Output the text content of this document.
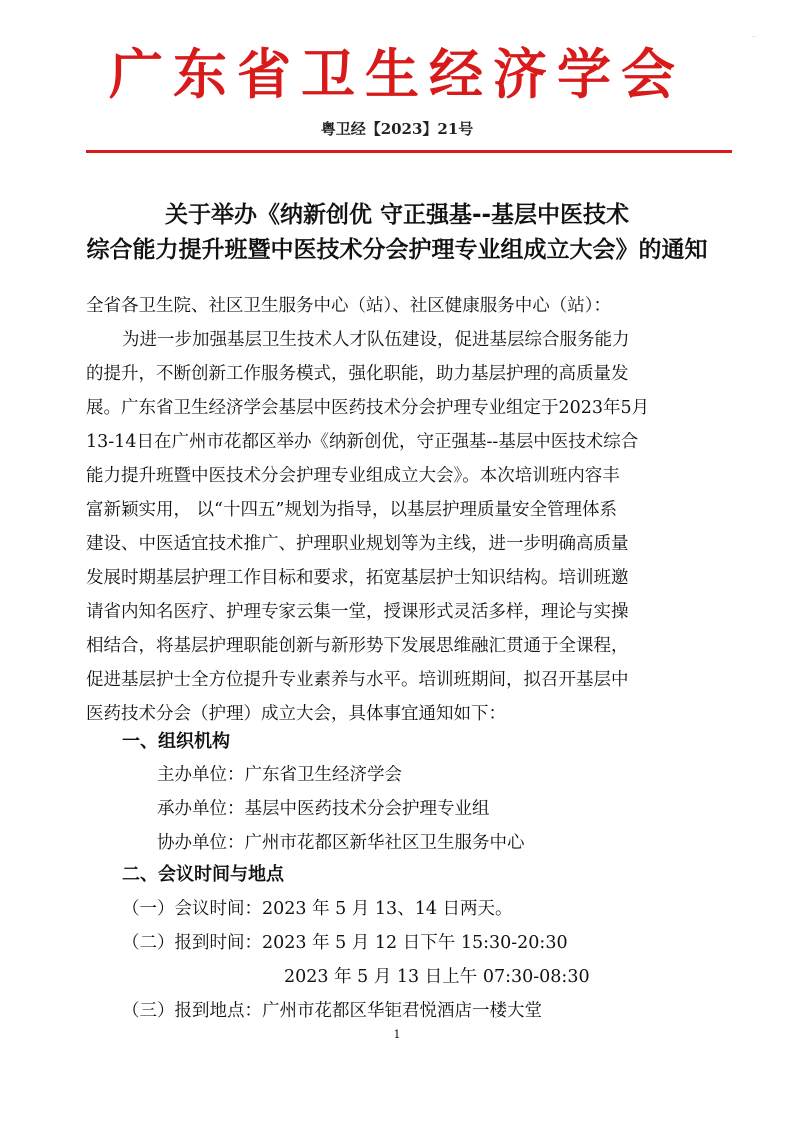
广东省卫生经济学会
··
粤卫经【2023】21号
关于举办《纳新创优 守正强基--基层中医技术
综合能力提升班暨中医技术分会护理专业组成立大会》的通知
全省各卫生院、社区卫生服务中心（站）、社区健康服务中心（站）：
为进一步加强基层卫生技术人才队伍建设，促进基层综合服务能力
的提升，不断创新工作服务模式，强化职能，助力基层护理的高质量发
展。广东省卫生经济学会基层中医药技术分会护理专业组定于2023年5月
13-14日在广州市花都区举办《纳新创优，守正强基--基层中医技术综合
能力提升班暨中医技术分会护理专业组成立大会》。本次培训班内容丰
富新颖实用， 以“十四五”规划为指导，以基层护理质量安全管理体系
建设、中医适宜技术推广、护理职业规划等为主线，进一步明确高质量
发展时期基层护理工作目标和要求，拓宽基层护士知识结构。培训班邀
请省内知名医疗、护理专家云集一堂，授课形式灵活多样，理论与实操
相结合，将基层护理职能创新与新形势下发展思维融汇贯通于全课程，
促进基层护士全方位提升专业素养与水平。培训班期间，拟召开基层中
医药技术分会（护理）成立大会，具体事宜通知如下：
一、组织机构
主办单位：广东省卫生经济学会
承办单位：基层中医药技术分会护理专业组
协办单位：广州市花都区新华社区卫生服务中心
二、会议时间与地点
（一）会议时间：2023 年 5 月 13、14 日两天。
（二）报到时间：2023 年 5 月 12 日下午 15:30-20:30
2023 年 5 月 13 日上午 07:30-08:30
（三）报到地点：广州市花都区华钜君悦酒店一楼大堂
1
